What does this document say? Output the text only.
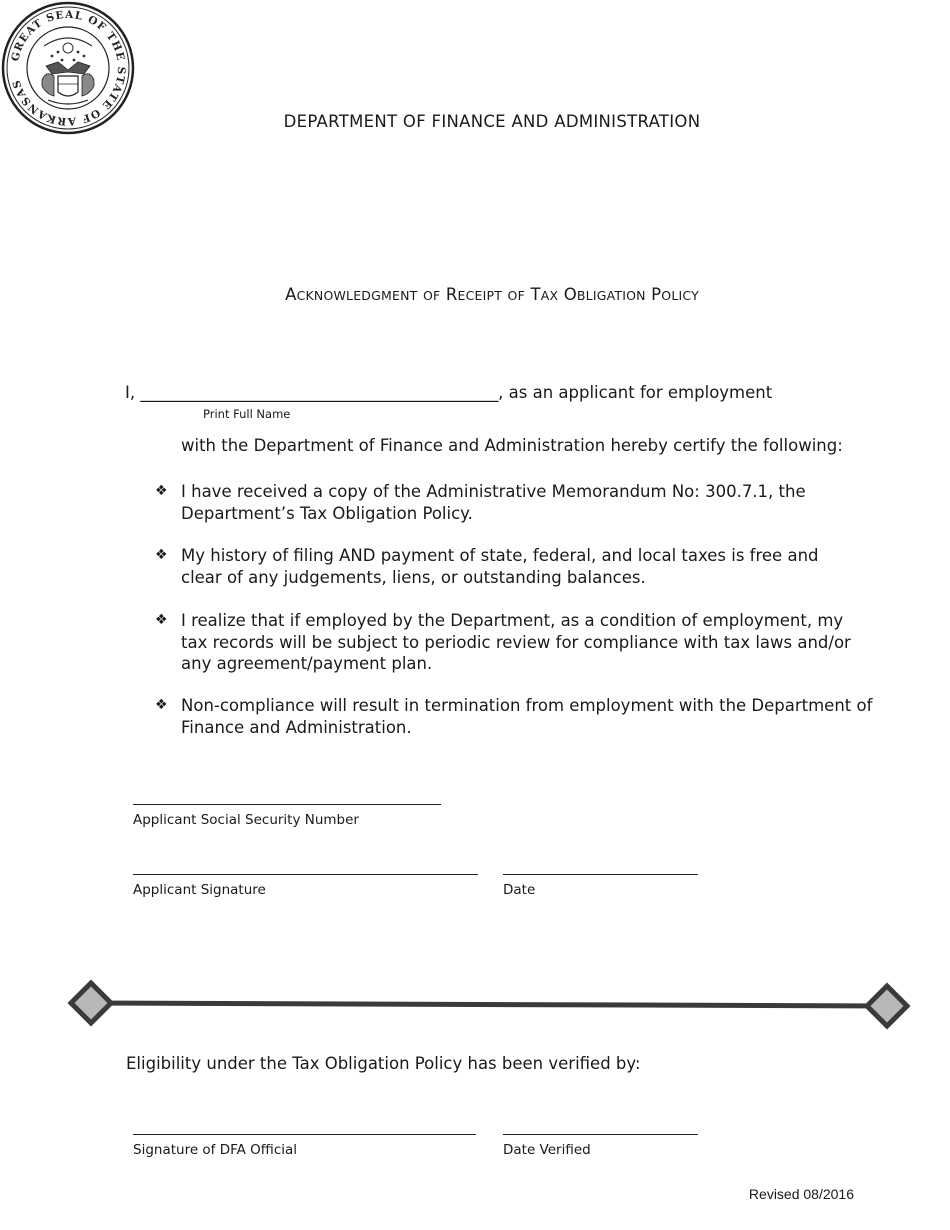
DEPARTMENT OF FINANCE AND ADMINISTRATION
GREAT SEAL OF THE STATE OF ARKANSAS
ACKNOWLEDGMENT OF RECEIPT OF TAX OBLIGATION POLICY
I, _____________________________________________, as an applicant for employment
Print Full Name
with the Department of Finance and Administration hereby certify the following:
❖ I have received a copy of the Administrative Memorandum No: 300.7.1, the
Department’s Tax Obligation Policy.
❖ My history of filing AND payment of state, federal, and local taxes is free and
clear of any judgements, liens, or outstanding balances.
❖ I realize that if employed by the Department, as a condition of employment, my
tax records will be subject to periodic review for compliance with tax laws and/or
any agreement/payment plan.
❖ Non-compliance will result in termination from employment with the Department of
Finance and Administration.
Applicant Social Security Number
Applicant Signature	Date
Eligibility under the Tax Obligation Policy has been verified by:
Signature of DFA Official	Date Verified
Revised 08/2016
